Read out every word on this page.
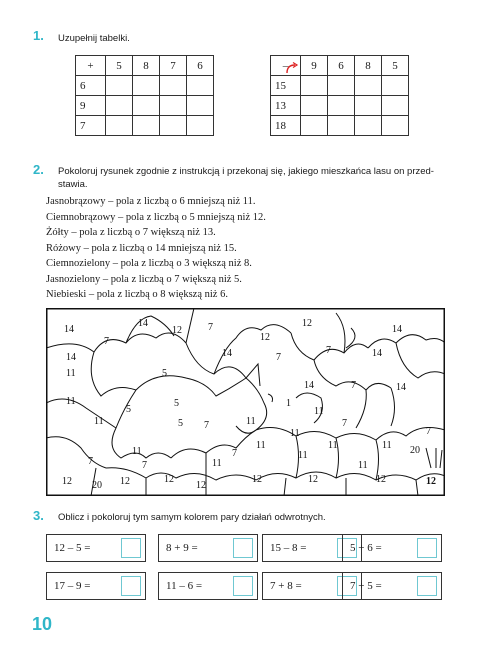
1. Uzupełnij tabelki.
+	5	8	7	6
6				
9				
7				
–	9	6	8	5
15				
13				
18				
2. Pokoloruj rysunek zgodnie z instrukcją i przekonaj się, jakiego mieszkańca lasu on przed-stawia.
Jasnobrązowy – pola z liczbą o 6 mniejszą niż 11.
Ciemnobrązowy – pola z liczbą o 5 mniejszą niż 12.
Żółty – pola z liczbą o 7 większą niż 13.
Różowy – pola z liczbą o 14 mniejszą niż 15.
Ciemnozielony – pola z liczbą o 3 większą niż 8.
Jasnozielony – pola z liczbą o 7 większą niż 5.
Niebieski – pola z liczbą o 8 większą niż 6.
14
14
12	7
12
12
14
7
14	7	14
7
11	5
11
5
14	7	14
11
5
5
11
7
1
11	7
7
11
7
11	7
11	11	11 20
11
12 20 12	12
12
12	12	12
7	11	11
12
14
3. Oblicz i pokoloruj tym samym kolorem pary działań odwrotnych.
12 – 5 =	8 + 9 =	15 – 8 =	5 + 6 =
17 – 9 =	11 – 6 =	7 + 8 =	7 + 5 =
10
